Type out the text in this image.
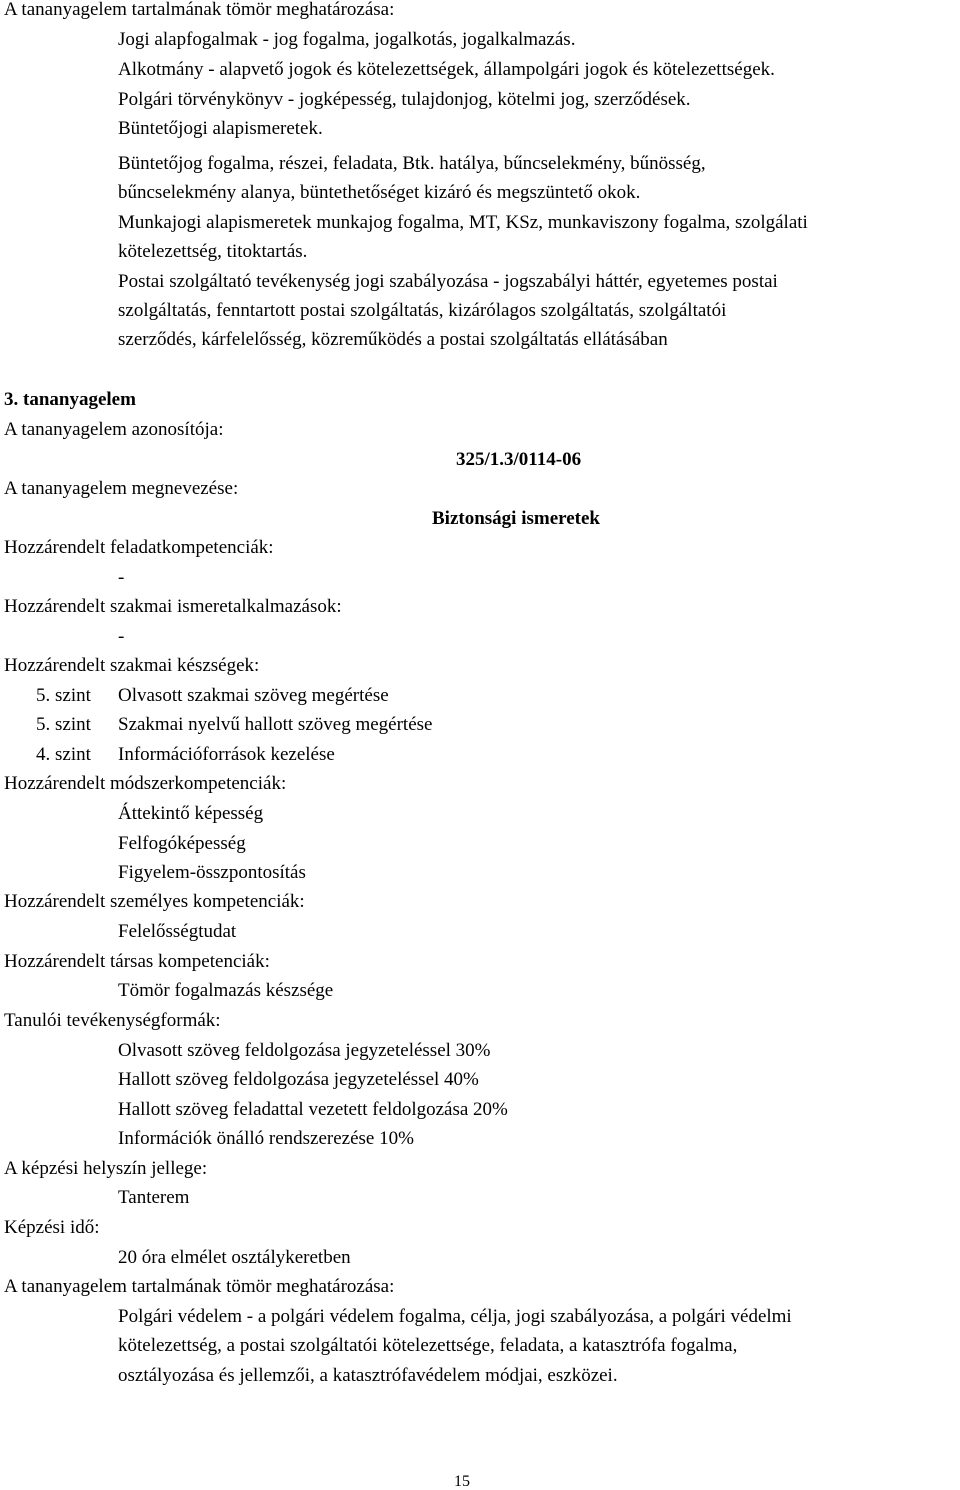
A tananyagelem tartalmának tömör meghatározása:
Jogi alapfogalmak - jog fogalma, jogalkotás, jogalkalmazás.
Alkotmány - alapvető jogok és kötelezettségek, állampolgári jogok és kötelezettségek.
Polgári törvénykönyv - jogképesség, tulajdonjog, kötelmi jog, szerződések.
Büntetőjogi alapismeretek.
Büntetőjog fogalma, részei, feladata, Btk. hatálya, bűncselekmény, bűnösség,
bűncselekmény alanya, büntethetőséget kizáró és megszüntető okok.
Munkajogi alapismeretek munkajog fogalma, MT, KSz, munkaviszony fogalma, szolgálati
kötelezettség, titoktartás.
Postai szolgáltató tevékenység jogi szabályozása - jogszabályi háttér, egyetemes postai
szolgáltatás, fenntartott postai szolgáltatás, kizárólagos szolgáltatás, szolgáltatói
szerződés, kárfelelősség, közreműködés a postai szolgáltatás ellátásában
3. tananyagelem
A tananyagelem azonosítója:
325/1.3/0114-06
A tananyagelem megnevezése:
Biztonsági ismeretek
Hozzárendelt feladatkompetenciák:
-
Hozzárendelt szakmai ismeretalkalmazások:
-
Hozzárendelt szakmai készségek:
5. szint Olvasott szakmai szöveg megértése
5. szint Szakmai nyelvű hallott szöveg megértése
4. szint Információforrások kezelése
Hozzárendelt módszerkompetenciák:
Áttekintő képesség
Felfogóképesség
Figyelem-összpontosítás
Hozzárendelt személyes kompetenciák:
Felelősségtudat
Hozzárendelt társas kompetenciák:
Tömör fogalmazás készsége
Tanulói tevékenységformák:
Olvasott szöveg feldolgozása jegyzeteléssel 30%
Hallott szöveg feldolgozása jegyzeteléssel 40%
Hallott szöveg feladattal vezetett feldolgozása 20%
Információk önálló rendszerezése 10%
A képzési helyszín jellege:
Tanterem
Képzési idő:
20 óra elmélet osztálykeretben
A tananyagelem tartalmának tömör meghatározása:
Polgári védelem - a polgári védelem fogalma, célja, jogi szabályozása, a polgári védelmi
kötelezettség, a postai szolgáltatói kötelezettsége, feladata, a katasztrófa fogalma,
osztályozása és jellemzői, a katasztrófavédelem módjai, eszközei.
15
